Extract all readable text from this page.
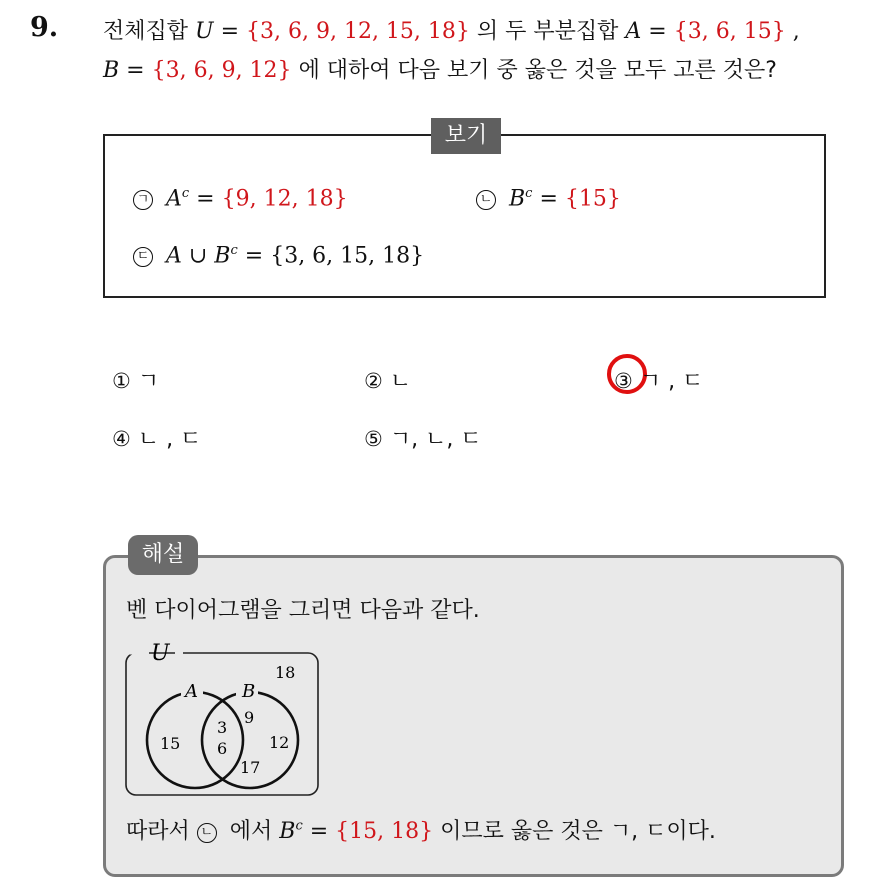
9. 전체집합 U = {3, 6, 9, 12, 15, 18} 의 두 부분집합 A = {3, 6, 15} ,
B = {3, 6, 9, 12} 에 대하여 다음 보기 중 옳은 것을 모두 고른 것은?
보기
ㄱ $A^c = \{9$, 12, 18}	ㄴ $B^c = \{15\}$
ㄷ A ∪ $B^c = \{3$, 6, 15, 18}
① ㄱ	② ㄴ	③ ㄱ , ㄷ
④ ㄴ , ㄷ	⑤ ㄱ, ㄴ, ㄷ
해설
벤 다이어그램을 그리면 다음과 같다.
U
A B
18
15
3
6
9
12
17
따라서 ㄴ 에서 $B^c = \{15$, 18} 이므로 옳은 것은 ㄱ, ㄷ이다.
